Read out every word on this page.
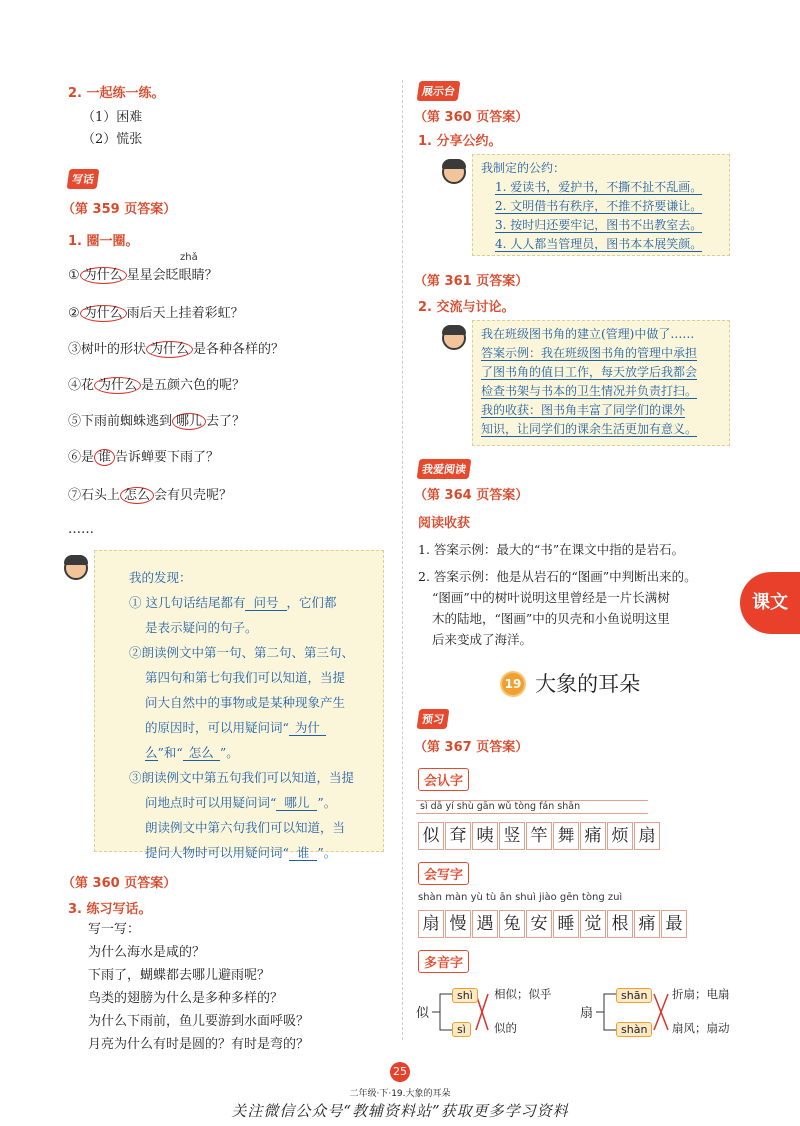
2. 一起练一练。
（1）困难
（2）慌张
写话
（第 359 页答案）
1. 圈一圈。
zhǎ
① 为什么 星星会眨眼睛？
② 为什么 雨后天上挂着彩虹？
③树叶的形状 为什么 是各种各样的？
④花 为什么 是五颜六色的呢？
⑤下雨前蜘蛛逃到 哪儿 去了？
⑥是 谁 告诉蝉要下雨了？
⑦石头上 怎么 会有贝壳呢？
……

我的发现：

① 这几句话结尾都有 问号 ，它们都

是表示疑问的句子。

②朗读例文中第一句、第二句、第三句、

第四句和第七句我们可以知道，当提

问大自然中的事物或是某种现象产生

的原因时，可以用疑问词“ 为什

么”和“ 怎么 ”。

③朗读例文中第五句我们可以知道，当提

问地点时可以用疑问词“ 哪儿 ”。

朗读例文中第六句我们可以知道，当

提问人物时可以用疑问词“ 谁 ”。

（第 360 页答案）
3. 练习写话。
写一写：
为什么海水是咸的？
下雨了，蝴蝶都去哪儿避雨呢？
鸟类的翅膀为什么是多种多样的？
为什么下雨前，鱼儿要游到水面呼吸？
月亮为什么有时是圆的？有时是弯的？
展示台
（第 360 页答案）
1. 分享公约。
我制定的公约：
1. 爱读书，爱护书，不撕不扯不乱画。
2. 文明借书有秩序，不推不挤要谦让。
3. 按时归还要牢记，图书不出教室去。
4. 人人都当管理员，图书本本展笑颜。
（第 361 页答案）
2. 交流与讨论。
我在班级图书角的建立(管理)中做了……
答案示例：我在班级图书角的管理中承担
了图书角的值日工作，每天放学后我都会
检查书架与书本的卫生情况并负责打扫。
我的收获：图书角丰富了同学们的课外
知识，让同学们的课余生活更加有意义。
我爱阅读
（第 364 页答案）
阅读收获
1. 答案示例：最大的“书”在课文中指的是岩石。
2. 答案示例：他是从岩石的“图画”中判断出来的。
“图画”中的树叶说明这里曾经是一片长满树
木的陆地，“图画”中的贝壳和小鱼说明这里
后来变成了海洋。
课文
19 大象的耳朵
预习
（第 367 页答案）
会认字
sì dā yí shù gān wǔ tòng fán shān
似 耷 咦 竖 竿 舞 痛 烦 扇
会写字
shàn màn yù tù ān shuì jiào gēn tòng zuì
扇 慢 遇 兔 安 睡 觉 根 痛 最
多音字
似
shì
sì
相似；似乎
似的
扇
shān
shàn
折扇；电扇
扇风；扇动
25
二年级·下·19.大象的耳朵
关注微信公众号“教辅资料站”获取更多学习资料
